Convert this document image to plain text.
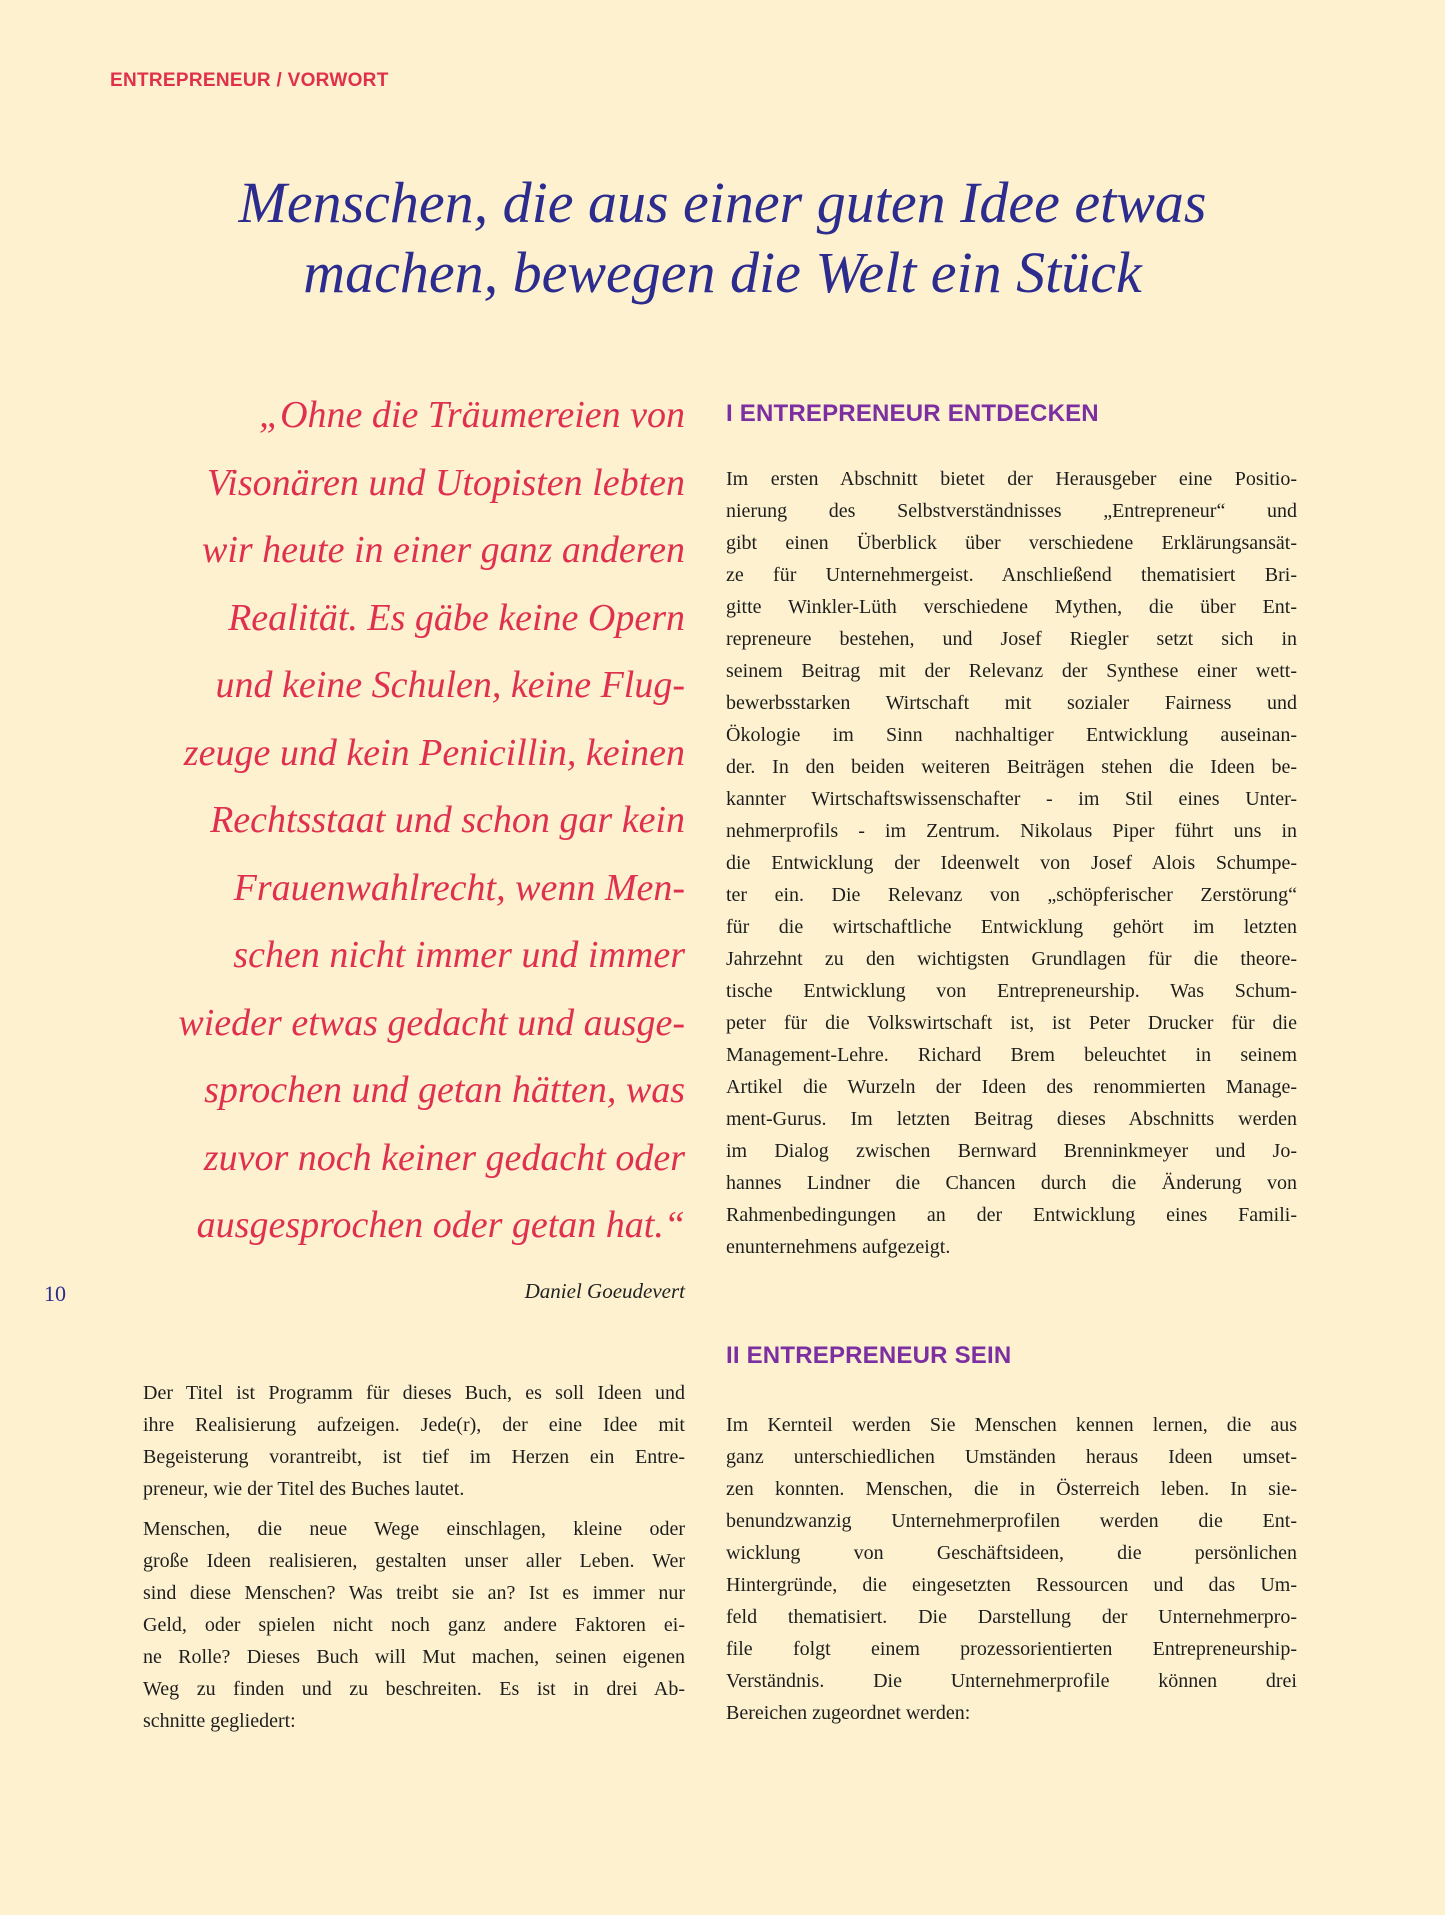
ENTREPRENEUR / VORWORT
Menschen, die aus einer guten Idee etwas
machen, bewegen die Welt ein Stück
„Ohne die Träumereien von
Visonären und Utopisten lebten
wir heute in einer ganz anderen
Realität. Es gäbe keine Opern
und keine Schulen, keine Flug-
zeuge und kein Penicillin, keinen
Rechtsstaat und schon gar kein
Frauenwahlrecht, wenn Men-
schen nicht immer und immer
wieder etwas gedacht und ausge-
sprochen und getan hätten, was
zuvor noch keiner gedacht oder
ausgesprochen oder getan hat.“
10	Daniel Goeudevert
Der Titel ist Programm für dieses Buch, es soll Ideen und
ihre Realisierung aufzeigen. Jede(r), der eine Idee mit
Begeisterung vorantreibt, ist tief im Herzen ein Entre-
preneur, wie der Titel des Buches lautet.
Menschen, die neue Wege einschlagen, kleine oder
große Ideen realisieren, gestalten unser aller Leben. Wer
sind diese Menschen? Was treibt sie an? Ist es immer nur
Geld, oder spielen nicht noch ganz andere Faktoren ei-
ne Rolle? Dieses Buch will Mut machen, seinen eigenen
Weg zu finden und zu beschreiten. Es ist in drei Ab-
schnitte gegliedert:
I ENTREPRENEUR ENTDECKEN
Im ersten Abschnitt bietet der Herausgeber eine Positio-
nierung des Selbstverständnisses „Entrepreneur“ und
gibt einen Überblick über verschiedene Erklärungsansät-
ze für Unternehmergeist. Anschließend thematisiert Bri-
gitte Winkler-Lüth verschiedene Mythen, die über Ent-
repreneure bestehen, und Josef Riegler setzt sich in
seinem Beitrag mit der Relevanz der Synthese einer wett-
bewerbsstarken Wirtschaft mit sozialer Fairness und
Ökologie im Sinn nachhaltiger Entwicklung auseinan-
der. In den beiden weiteren Beiträgen stehen die Ideen be-
kannter Wirtschaftswissenschafter - im Stil eines Unter-
nehmerprofils - im Zentrum. Nikolaus Piper führt uns in
die Entwicklung der Ideenwelt von Josef Alois Schumpe-
ter ein. Die Relevanz von „schöpferischer Zerstörung“
für die wirtschaftliche Entwicklung gehört im letzten
Jahrzehnt zu den wichtigsten Grundlagen für die theore-
tische Entwicklung von Entrepreneurship. Was Schum-
peter für die Volkswirtschaft ist, ist Peter Drucker für die
Management-Lehre. Richard Brem beleuchtet in seinem
Artikel die Wurzeln der Ideen des renommierten Manage-
ment-Gurus. Im letzten Beitrag dieses Abschnitts werden
im Dialog zwischen Bernward Brenninkmeyer und Jo-
hannes Lindner die Chancen durch die Änderung von
Rahmenbedingungen an der Entwicklung eines Famili-
enunternehmens aufgezeigt.
II ENTREPRENEUR SEIN
Im Kernteil werden Sie Menschen kennen lernen, die aus
ganz unterschiedlichen Umständen heraus Ideen umset-
zen konnten. Menschen, die in Österreich leben. In sie-
benundzwanzig Unternehmerprofilen werden die Ent-
wicklung von Geschäftsideen, die persönlichen
Hintergründe, die eingesetzten Ressourcen und das Um-
feld thematisiert. Die Darstellung der Unternehmerpro-
file folgt einem prozessorientierten Entrepreneurship-
Verständnis. Die Unternehmerprofile können drei
Bereichen zugeordnet werden:
